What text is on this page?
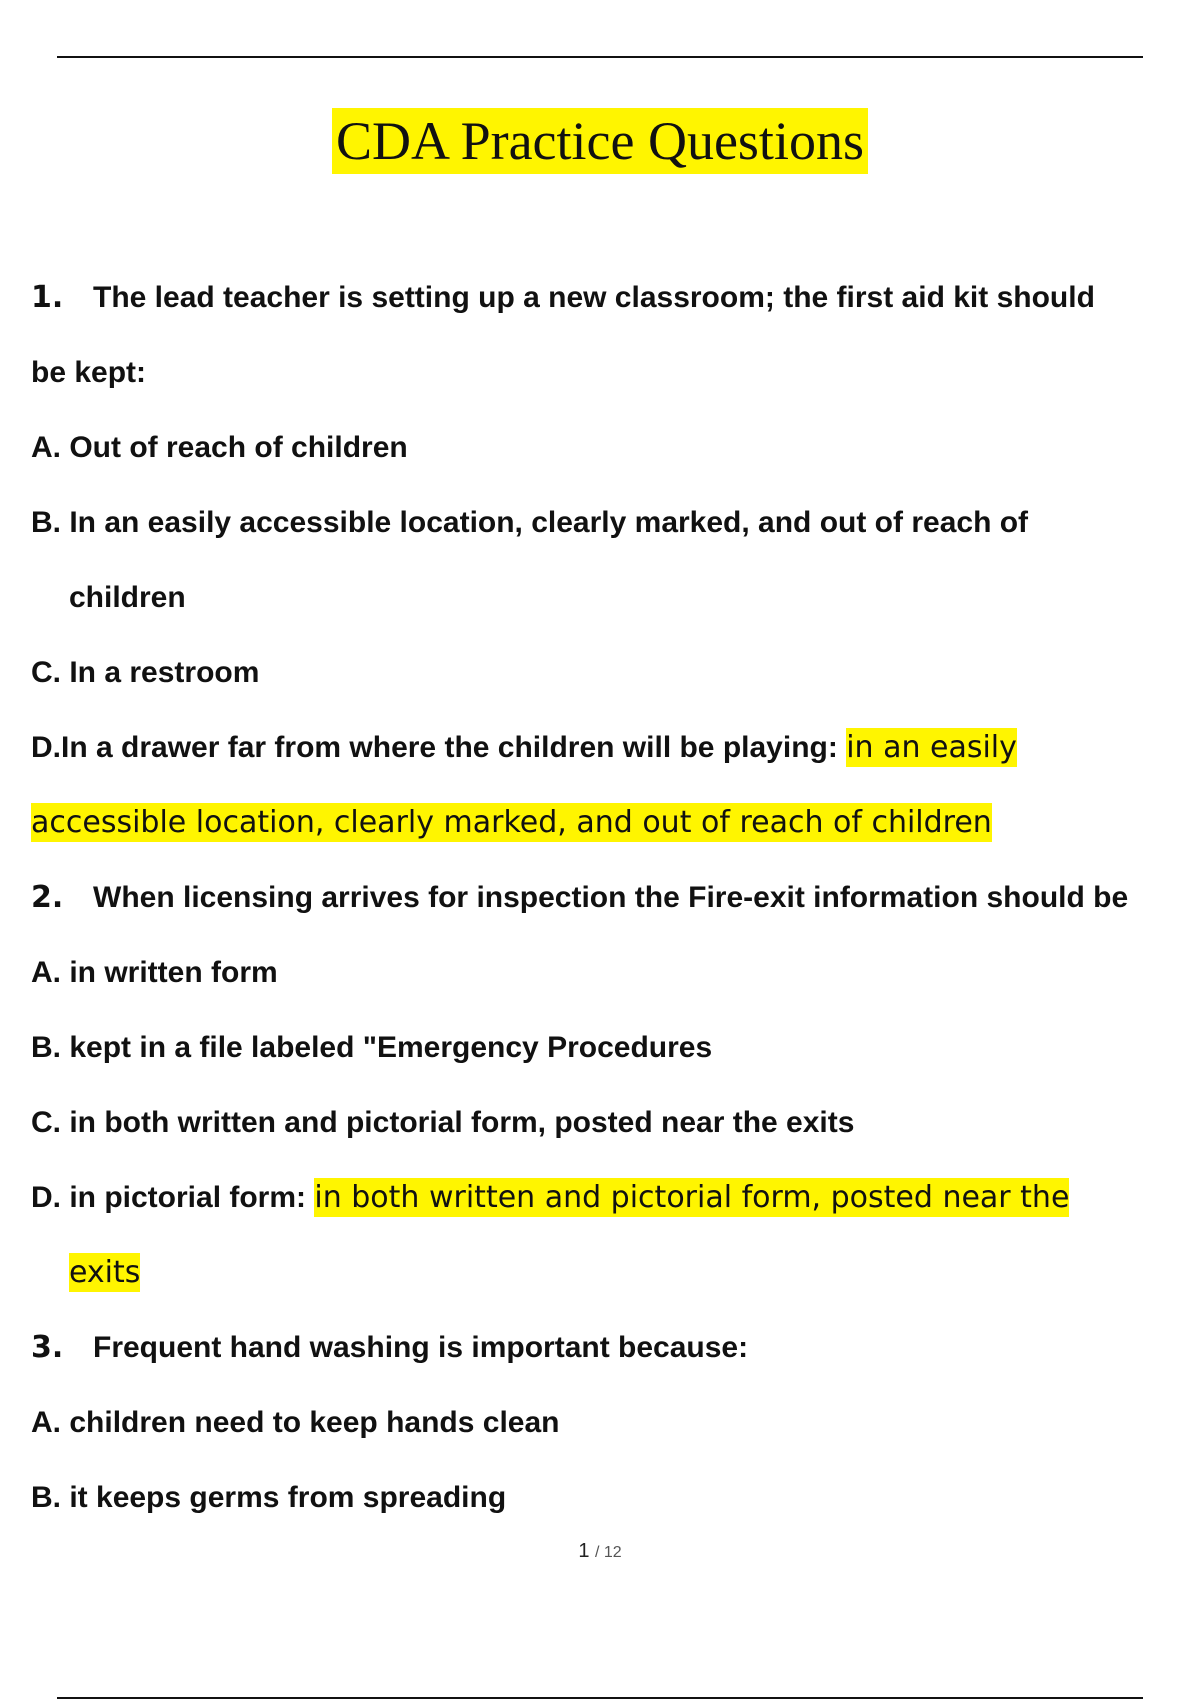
CDA Practice Questions
1. The lead teacher is setting up a new classroom; the first aid kit should
be kept:
A. Out of reach of children
B. In an easily accessible location, clearly marked, and out of reach of
children
C. In a restroom
D.In a drawer far from where the children will be playing: in an easily
accessible location, clearly marked, and out of reach of children
2. When licensing arrives for inspection the Fire-exit information should be
A. in written form
B. kept in a file labeled "Emergency Procedures
C. in both written and pictorial form, posted near the exits
D. in pictorial form: in both written and pictorial form, posted near the
exits
3. Frequent hand washing is important because:
A. children need to keep hands clean
B. it keeps germs from spreading
1 / 12
